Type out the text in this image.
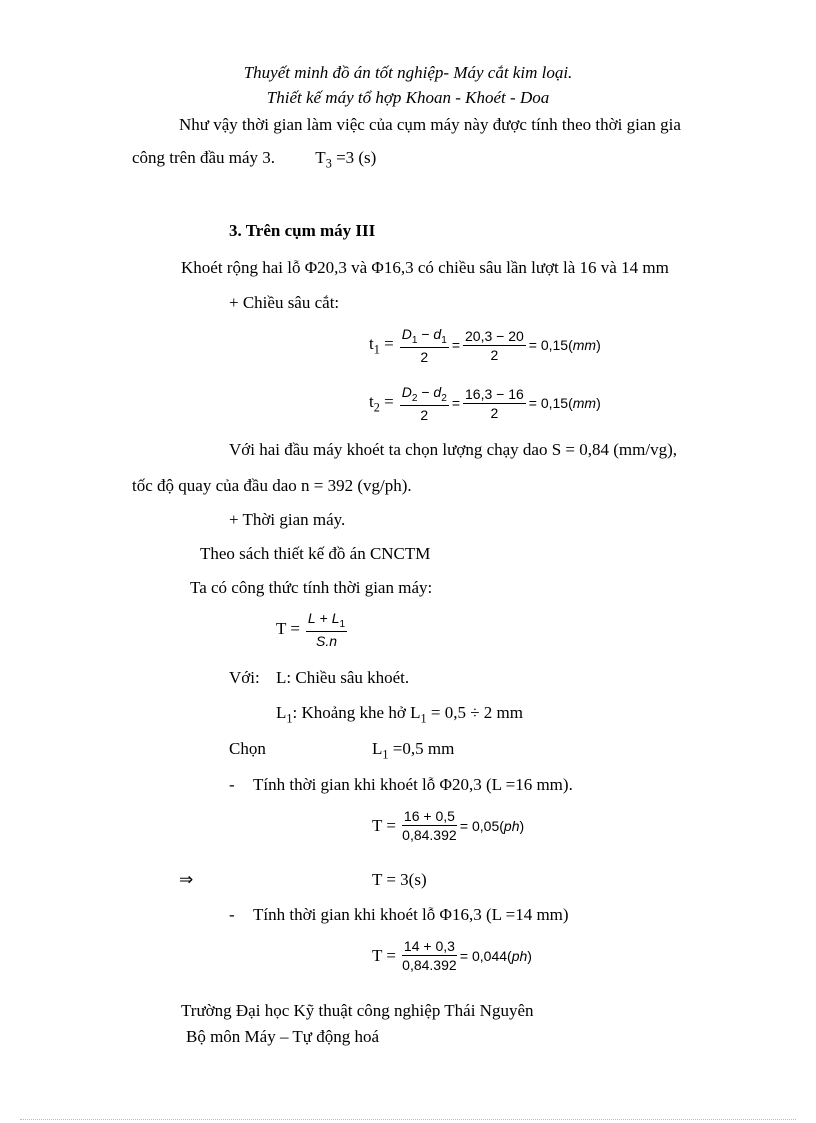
Thuyết minh đồ án tốt nghiệp- Máy cắt kim loại.
Thiết kế máy tổ hợp Khoan - Khoét - Doa
Như vậy thời gian làm việc của cụm máy này được tính theo thời gian gia
công trên đầu máy 3. $T_3 =3$ (s)
3. Trên cụm máy III
Khoét rộng hai lỗ Φ20,3 và Φ16,3 có chiều sâu lần lượt là 16 và 14 mm
+ Chiều sâu cắt:
$t_1 = \frac{D_1 - d_1}{2} = \frac{20,3 - 20}{2} = 0,15(mm)$
$t_2 = \frac{D_2 - d_2}{2} = \frac{16,3 - 16}{2} = 0,15(mm)$
Với hai đầu máy khoét ta chọn lượng chạy dao S = 0,84 (mm/vg),
tốc độ quay của đầu dao n = 392 (vg/ph).
+ Thời gian máy.
Theo sách thiết kế đồ án CNCTM
Ta có công thức tính thời gian máy:
$T = \frac{L + L_1}{S.n}$
Với: L: Chiều sâu khoét.
$L_1$: Khoảng khe hở $L_1 = 0,5 \div 2$ mm
Chọn	$L_1 =0,5$ mm
- Tính thời gian khi khoét lỗ Φ20,3 (L =16 mm).
$T = \frac{16 + 0,5}{0,84.392} = 0,05(ph)$
⇒	T = 3(s)
- Tính thời gian khi khoét lỗ Φ16,3 (L =14 mm)
$T = \frac{14 + 0,3}{0,84.392} = 0,044(ph)$
Trường Đại học Kỹ thuật công nghiệp Thái Nguyên
Bộ môn Máy – Tự động hoá
